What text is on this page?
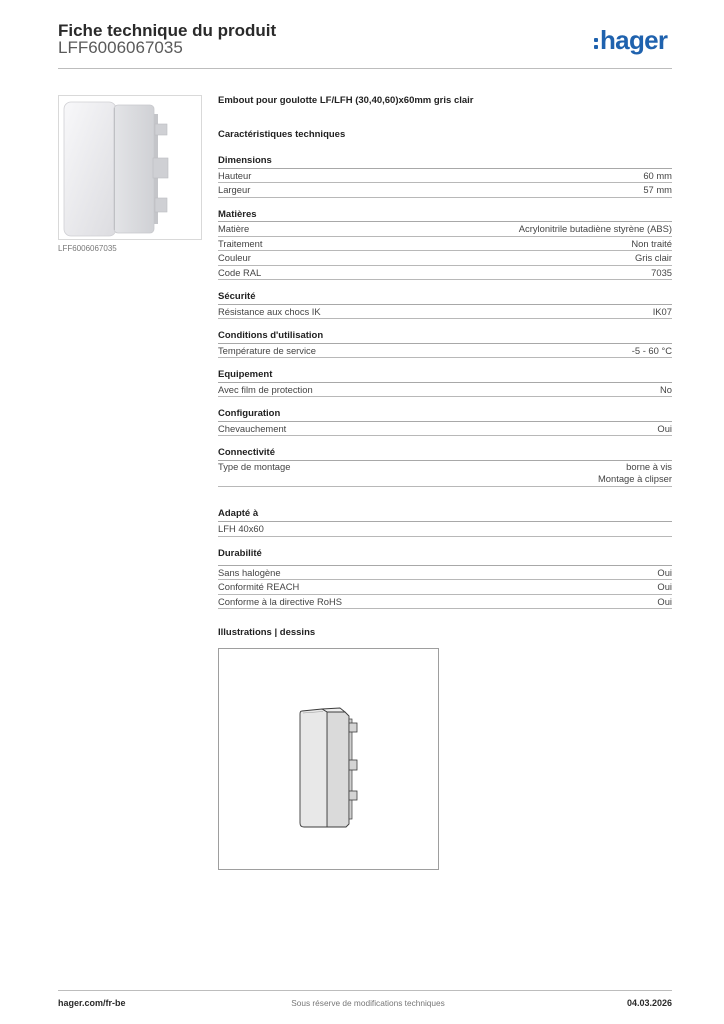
Fiche technique du produit
LFF6006067035	hager
LFF6006067035
Embout pour goulotte LF/LFH (30,40,60)x60mm gris clair
Caractéristiques techniques
Dimensions
Hauteur	60 mm
Largeur	57 mm
Matières
Matière	Acrylonitrile butadiène styrène (ABS)
Traitement	Non traité
Couleur	Gris clair
Code RAL	7035
Sécurité
Résistance aux chocs IK	IK07
Conditions d'utilisation
Température de service	-5 - 60 °C
Equipement
Avec film de protection	No
Configuration
Chevauchement	Oui
Connectivité
Type de montage	borne à vis
Montage à clipser
Adapté à
LFH 40x60
Durabilité
Sans halogène	Oui
Conformité REACH	Oui
Conforme à la directive RoHS	Oui
Illustrations | dessins
hager.com/fr-be	Sous réserve de modifications techniques	04.03.2026
